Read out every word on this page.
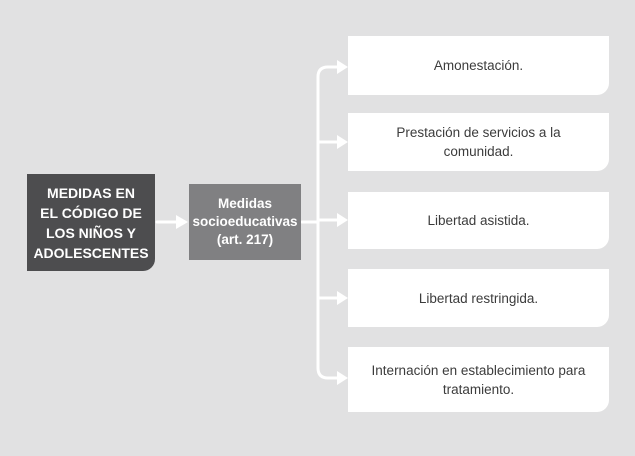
MEDIDAS EN
EL CÓDIGO DE
LOS NIÑOS Y
ADOLESCENTES
Medidas
socioeducativas
(art. 217)
Amonestación.
Prestación de servicios a la comunidad.
Libertad asistida.
Libertad restringida.
Internación en establecimiento para
tratamiento.
